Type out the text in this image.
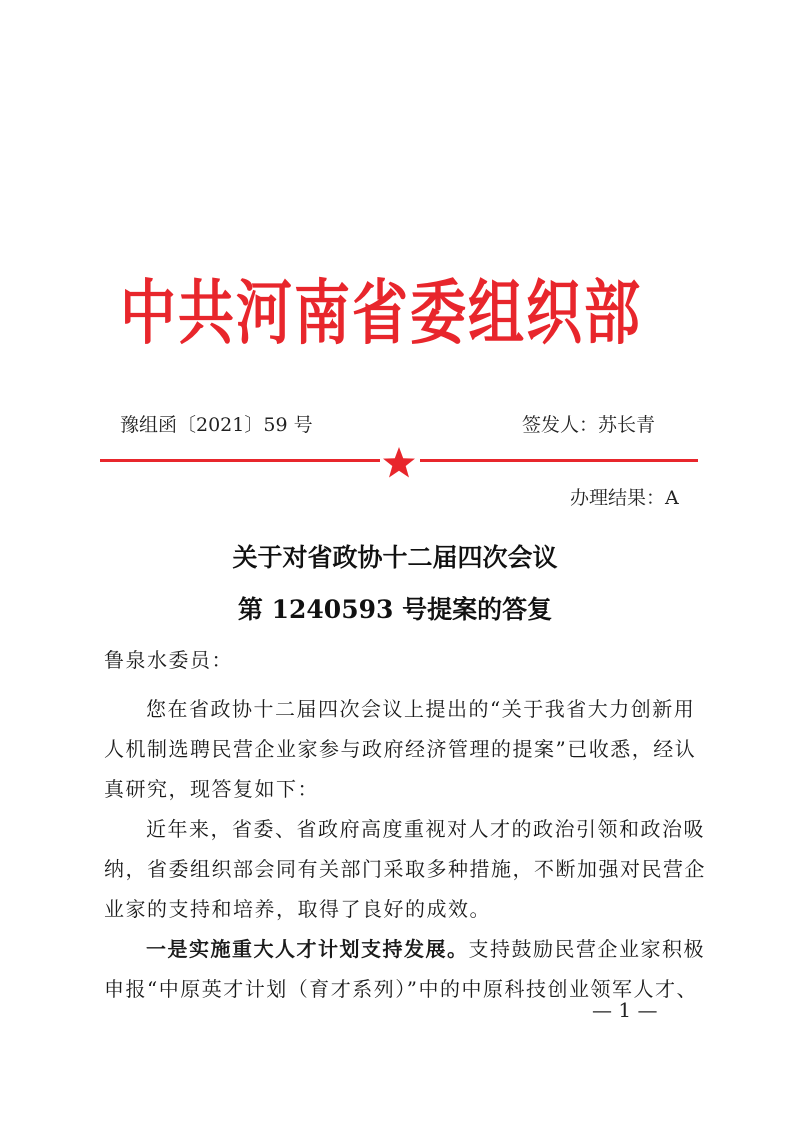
中共河南省委组织部
豫组函〔2021〕59 号	签发人：苏长青
办理结果：A
关于对省政协十二届四次会议
第 1240593 号提案的答复
鲁泉水委员：
您在省政协十二届四次会议上提出的“关于我省大力创新用
人机制选聘民营企业家参与政府经济管理的提案”已收悉，经认
真研究，现答复如下：
近年来，省委、省政府高度重视对人才的政治引领和政治吸
纳，省委组织部会同有关部门采取多种措施，不断加强对民营企
业家的支持和培养，取得了良好的成效。
一是实施重大人才计划支持发展。支持鼓励民营企业家积极
申报“中原英才计划（育才系列）”中的中原科技创业领军人才、
— 1 —
